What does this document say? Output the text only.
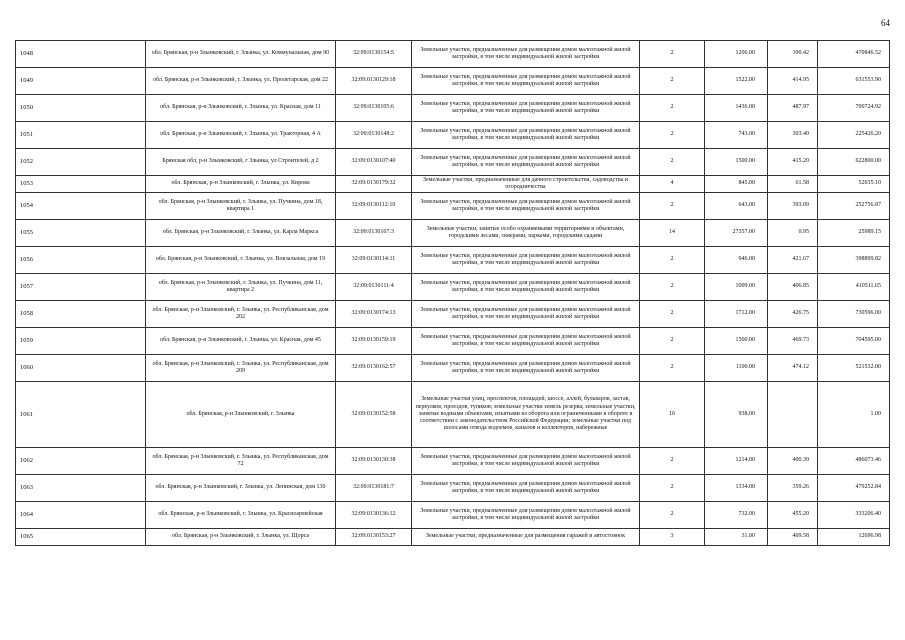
64
1048	обл. Брянская, р-н Злынковский, г. Злынка, ул. Коммунальная, дом 90	32:09:0130154:5	Земельные участки, предназначенные для размещения домов малоэтажной жилой застройки, в том числе индивидуальной жилой застройки	2	1206.00	390.42	470846.52
1049	обл. Брянская, р-н Злынковский, г. Злынка, ул. Пролетарская, дом 22	32:09:0130129:18	Земельные участки, предназначенные для размещения домов малоэтажной жилой застройки, в том числе индивидуальной жилой застройки	2	1522.00	414.95	631553.90
1050	обл. Брянская, р-н Злынковский, г. Злынка, ул. Красная, дом 11	32:09:0130105:6	Земельные участки, предназначенные для размещения домов малоэтажной жилой застройки, в том числе индивидуальной жилой застройки	2	1436.00	487.97	700724.92
1051	обл. Брянская, р-н Злынковский, г. Злынка, ул. Тракторная, 4 А	32:09:0130148:2	Земельные участки, предназначенные для размещения домов малоэтажной жилой застройки, в том числе индивидуальной жилой застройки	2	743.00	303.40	225426.20
1052	Брянская обл, р-н Злынковский, г Злынка, ул Строителей, д 2	32:09:0130107:40	Земельные участки, предназначенные для размещения домов малоэтажной жилой застройки, в том числе индивидуальной жилой застройки	2	1500.00	415.20	622800.00
1053	обл. Брянская, р-н Злынковский, г. Злынка, ул. Кирова	32:09:0130179:32	Земельные участки, предназначенные для дачного строительства, садоводства и огородничества	4	845.00	61.58	52035.10
1054	обл. Брянская, р-н Злынковский, г. Злынка, ул. Пучкина, дом 18, квартира 1	32:09:0130112:10	Земельные участки, предназначенные для размещения домов малоэтажной жилой застройки, в том числе индивидуальной жилой застройки	2	643.00	393.09	252756.87
1055	обл. Брянская, р-н Злынковский, г. Злынка, ул. Карла Маркса	32:09:0130167:3	Земельные участки, занятые особо охраняемыми территориями и объектами, городскими лесами, скверами, парками, городскими садами	14	27357.00	0.95	25989.15
1056	обл. Брянская, р-н Злынковский, г. Злынка, ул. Вокзальная, дом 19	32:09:0130114:11	Земельные участки, предназначенные для размещения домов малоэтажной жилой застройки, в том числе индивидуальной жилой застройки	2	946.00	421.67	398899.82
1057	обл. Брянская, р-н Злынковский, г. Злынка, ул. Пучкина, дом 11, квартира 2	32:09:0130111:4	Земельные участки, предназначенные для размещения домов малоэтажной жилой застройки, в том числе индивидуальной жилой застройки	2	1009.00	406.85	410511.65
1058	обл. Брянская, р-н Злынковский, г. Злынка, ул. Республиканская, дом 202	32:09:0130174:13	Земельные участки, предназначенные для размещения домов малоэтажной жилой застройки, в том числе индивидуальной жилой застройки	2	1712.00	426.75	730596.00
1059	обл. Брянская, р-н Злынковский, г. Злынка, ул. Красная, дом 45	32:09:0130159:19	Земельные участки, предназначенные для размещения домов малоэтажной жилой застройки, в том числе индивидуальной жилой застройки	2	1500.00	469.73	704595.00
1060	обл. Брянская, р-н Злынковский, г. Злынка, ул. Республиканская, дом 209	32:09:0130162:57	Земельные участки, предназначенные для размещения домов малоэтажной жилой застройки, в том числе индивидуальной жилой застройки	2	1100.00	474.12	521532.00
1061	обл. Брянская, р-н Злынковский, г. Злынка	32:09:0130152:58	Земельные участки улиц, проспектов, площадей, шоссе, аллей, бульваров, застав, переулков, проездов, тупиков; земельные участки земель резерва; земельные участки, занятые водными объектами, изъятыми из оборота или ограниченными в обороте в соответствии с законодательством Российской Федерации; земельные участки под полосами отвода водоемов, каналов и коллекторов, набережные	16	938.00		1.00
1062	обл. Брянская, р-н Злынковский, г. Злынка, ул. Республиканская, дом 72	32:09:0130130:38	Земельные участки, предназначенные для размещения домов малоэтажной жилой застройки, в том числе индивидуальной жилой застройки	2	1214.00	400.39	486073.46
1063	обл. Брянская, р-н Злынковский, г. Злынка, ул. Ленинская, дом 130	32:09:0130181:7	Земельные участки, предназначенные для размещения домов малоэтажной жилой застройки, в том числе индивидуальной жилой застройки	2	1334.00	359.26	479252.84
1064	обл. Брянская, р-н Злынковский, г. Злынка, ул. Красноармейская	32:09:0130136:12	Земельные участки, предназначенные для размещения домов малоэтажной жилой застройки, в том числе индивидуальной жилой застройки	2	732.00	455.20	333206.40
1065	обл. Брянская, р-н Злынковский, г. Злынка, ул. Щорса	32:09:0130153:27	Земельные участки, предназначенные для размещения гаражей и автостоянок	3	31.00	409.58	12696.98
